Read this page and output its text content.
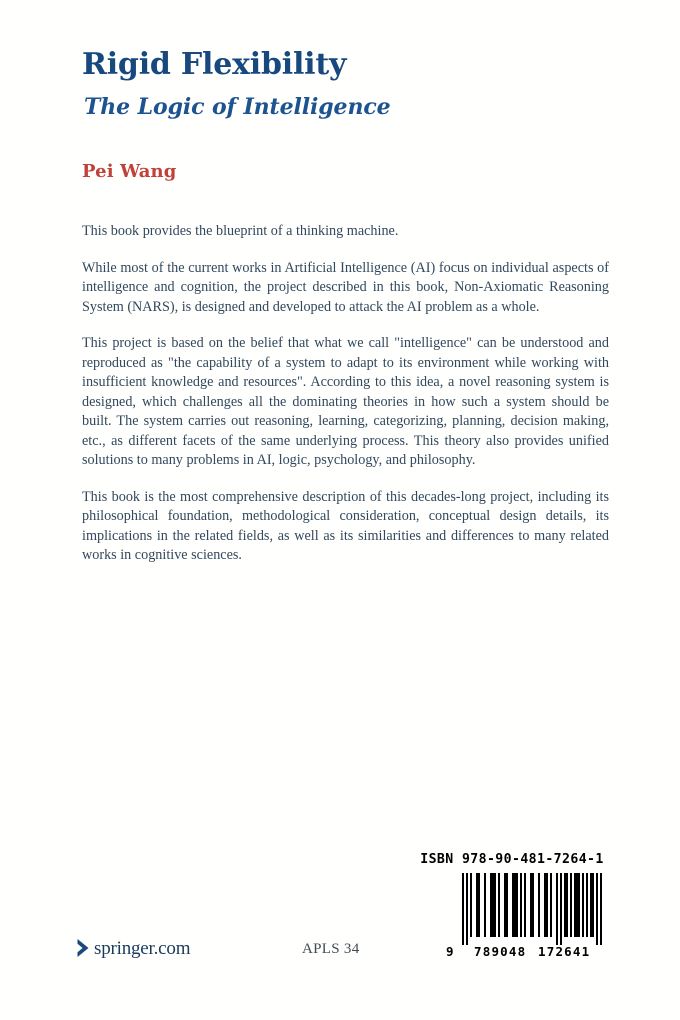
Rigid Flexibility
The Logic of Intelligence
Pei Wang

This book provides the blueprint of a thinking machine.

While most of the current works in Artificial Intelligence (AI) focus on individual aspects of intelligence and cognition, the project described in this book, Non-Axiomatic Reasoning System (NARS), is designed and developed to attack the AI problem as a whole.

This project is based on the belief that what we call "intelligence" can be understood and reproduced as "the capability of a system to adapt to its environment while working with insufficient knowledge and resources". According to this idea, a novel reasoning system is designed, which challenges all the dominating theories in how such a system should be built. The system carries out reasoning, learning, categorizing, planning, decision making, etc., as different facets of the same underlying process. This theory also provides unified solutions to many problems in AI, logic, psychology, and philosophy.

This book is the most comprehensive description of this decades-long project, including its philosophical foundation, methodological consideration, conceptual design details, its implications in the related fields, as well as its similarities and differences to many related works in cognitive sciences.

ISBN 978-90-481-7264-1
9 789048 172641
springer.com	APLS 34
